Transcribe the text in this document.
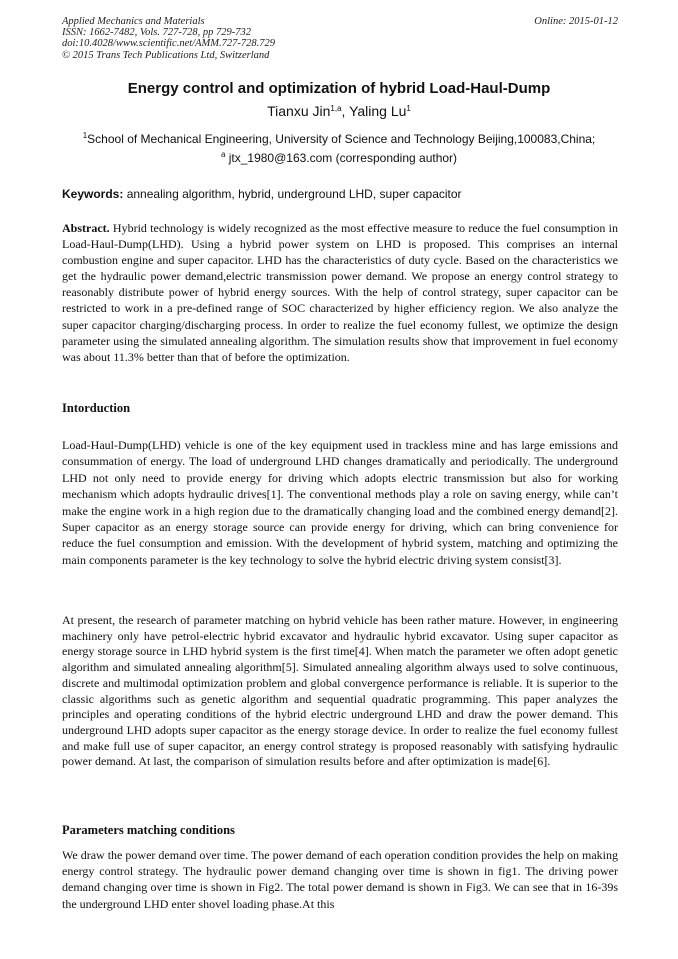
Applied Mechanics and Materials
ISSN: 1662-7482, Vols. 727-728, pp 729-732
doi:10.4028/www.scientific.net/AMM.727-728.729
© 2015 Trans Tech Publications Ltd, Switzerland
Online: 2015-01-12
Energy control and optimization of hybrid Load-Haul-Dump
Tianxu Jin$^{1,a}$, Yaling Lu$^1$
$^1$School of Mechanical Engineering, University of Science and Technology Beijing,100083,China;
$^a$ jtx_1980@163.com (corresponding author)
Keywords: annealing algorithm, hybrid, underground LHD, super capacitor

Abstract. Hybrid technology is widely recognized as the most effective measure to reduce the fuel consumption in Load-Haul-Dump(LHD). Using a hybrid power system on LHD is proposed. This comprises an internal combustion engine and super capacitor. LHD has the characteristics of duty cycle. Based on the characteristics we get the hydraulic power demand,electric transmission power demand. We propose an energy control strategy to reasonably distribute power of hybrid energy sources. With the help of control strategy, super capacitor can be restricted to work in a pre-defined range of SOC characterized by higher efficiency region. We also analyze the super capacitor charging/discharging process. In order to realize the fuel economy fullest, we optimize the design parameter using the simulated annealing algorithm. The simulation results show that improvement in fuel economy was about 11.3% better than that of before the optimization.

Intorduction

Load-Haul-Dump(LHD) vehicle is one of the key equipment used in trackless mine and has large emissions and consummation of energy. The load of underground LHD changes dramatically and periodically. The underground LHD not only need to provide energy for driving which adopts electric transmission but also for working mechanism which adopts hydraulic drives[1]. The conventional methods play a role on saving energy, while can’t make the engine work in a high region due to the dramatically changing load and the combined energy demand[2]. Super capacitor as an energy storage source can provide energy for driving, which can bring convenience for reduce the fuel consumption and emission. With the development of hybrid system, matching and optimizing the main components parameter is the key technology to solve the hybrid electric driving system consist[3].

At present, the research of parameter matching on hybrid vehicle has been rather mature. However, in engineering machinery only have petrol-electric hybrid excavator and hydraulic hybrid excavator. Using super capacitor as energy storage source in LHD hybrid system is the first time[4]. When match the parameter we often adopt genetic algorithm and simulated annealing algorithm[5]. Simulated annealing algorithm always used to solve continuous, discrete and multimodal optimization problem and global convergence performance is reliable. It is superior to the classic algorithms such as genetic algorithm and sequential quadratic programming. This paper analyzes the principles and operating conditions of the hybrid electric underground LHD and draw the power demand. This underground LHD adopts super capacitor as the energy storage device. In order to realize the fuel economy fullest and make full use of super capacitor, an energy control strategy is proposed reasonably with satisfying hydraulic power demand. At last, the comparison of simulation results before and after optimization is made[6].

Parameters matching conditions

We draw the power demand over time. The power demand of each operation condition provides the help on making energy control strategy. The hydraulic power demand changing over time is shown in fig1. The driving power demand changing over time is shown in Fig2. The total power demand is shown in Fig3. We can see that in 16-39s the underground LHD enter shovel loading phase.At this
